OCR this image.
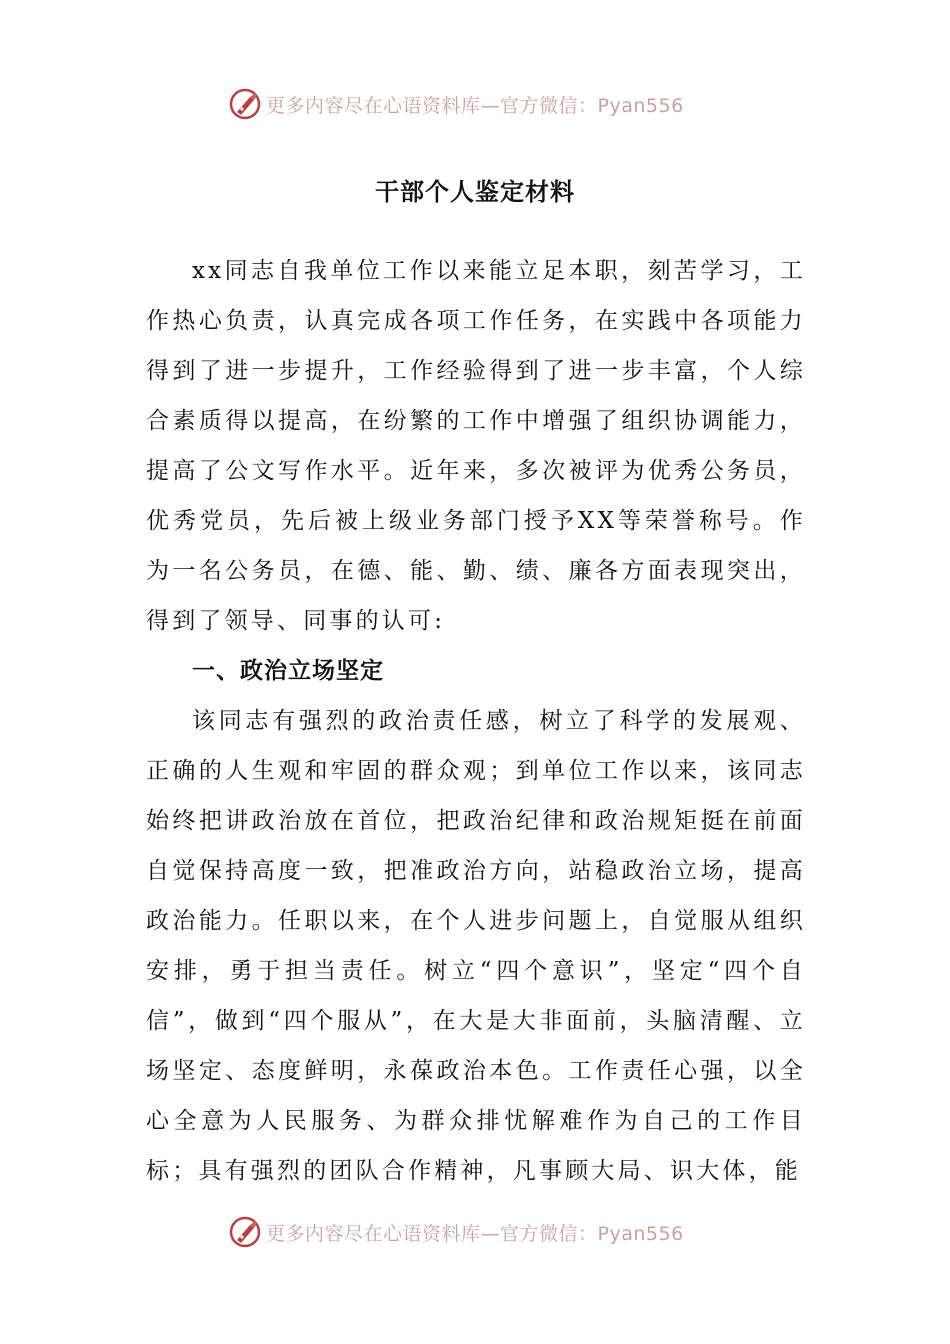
更多内容尽在心语资料库—官方微信：Pyan556
干部个人鉴定材料

xx同志自我单位工作以来能立足本职，刻苦学习，工作热心负责，认真完成各项工作任务，在实践中各项能力得到了进一步提升，工作经验得到了进一步丰富，个人综合素质得以提高，在纷繁的工作中增强了组织协调能力，提高了公文写作水平。近年来，多次被评为优秀公务员，优秀党员，先后被上级业务部门授予XX等荣誉称号。作为一名公务员，在德、能、勤、绩、廉各方面表现突出，得到了领导、同事的认可:

一、政治立场坚定

该同志有强烈的政治责任感，树立了科学的发展观、正确的人生观和牢固的群众观；到单位工作以来，该同志始终把讲政治放在首位，把政治纪律和政治规矩挺在前面自觉保持高度一致，把准政治方向，站稳政治立场，提高政治能力。任职以来，在个人进步问题上，自觉服从组织安排，勇于担当责任。树立“四个意识”，坚定“四个自信”，做到“四个服从”，在大是大非面前，头脑清醒、立场坚定、态度鲜明，永葆政治本色。工作责任心强，以全心全意为人民服务、为群众排忧解难作为自己的工作目标；具有强烈的团队合作精神，凡事顾大局、识大体，能

更多内容尽在心语资料库—官方微信：Pyan556
